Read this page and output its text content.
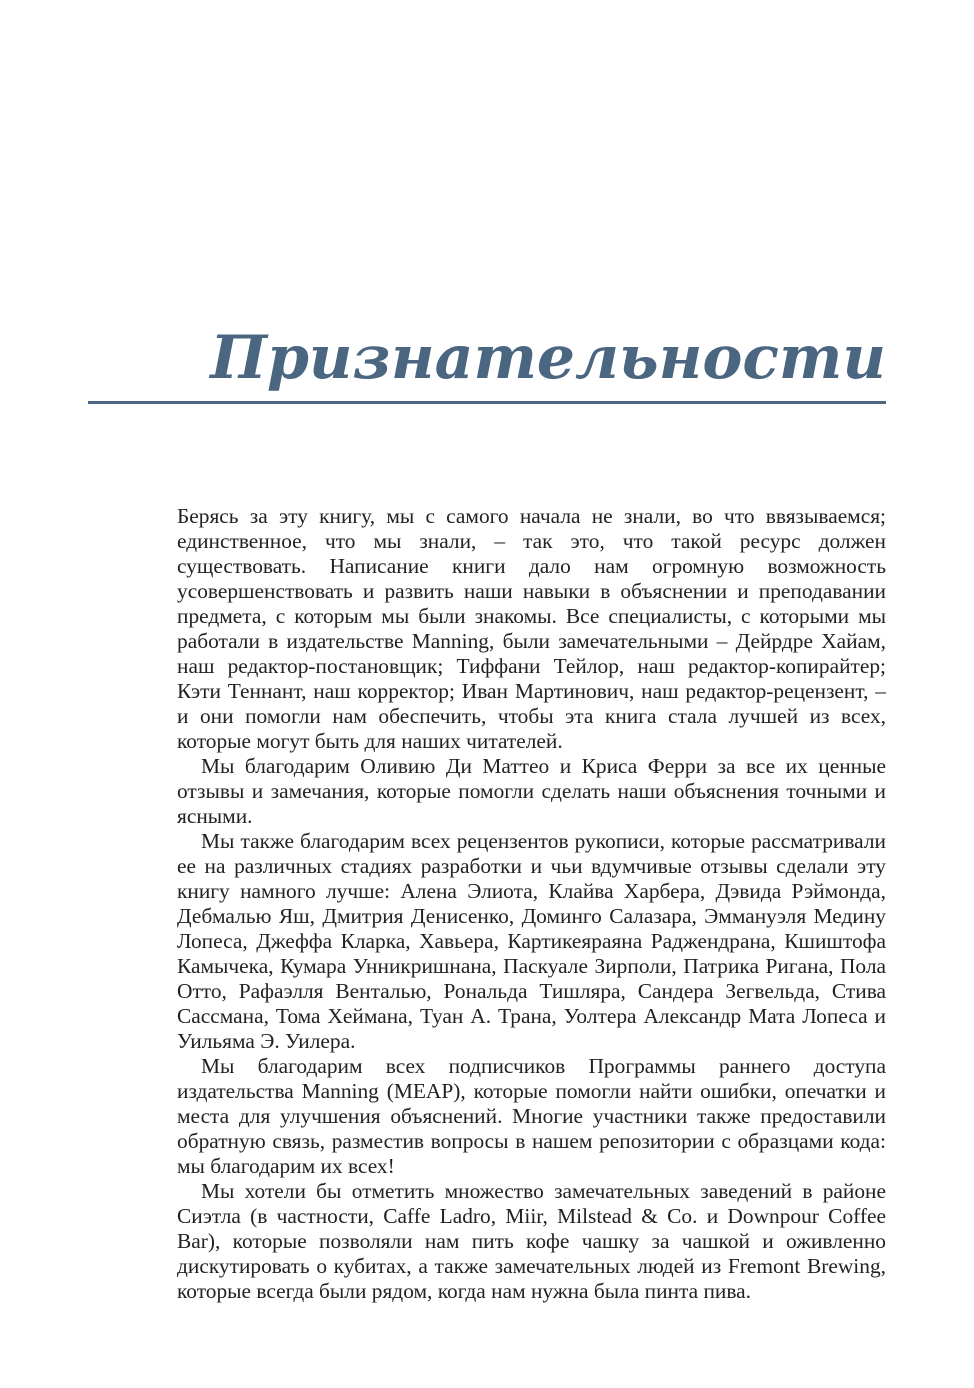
Признательности

Берясь за эту книгу, мы с самого начала не знали, во что ввязываемся; единственное, что мы знали, – так это, что такой ресурс должен существовать. Написание книги дало нам огромную возможность усовершенствовать и развить наши навыки в объяснении и преподавании предмета, с которым мы были знакомы. Все специалисты, с которыми мы работали в издательстве Manning, были замечательными – Дейрдре Хайам, наш редактор-постановщик; Тиффани Тейлор, наш редактор-копирайтер; Кэти Теннант, наш корректор; Иван Мартинович, наш редактор-рецензент, – и они помогли нам обеспечить, чтобы эта книга стала лучшей из всех, которые могут быть для наших читателей.

Мы благодарим Оливию Ди Маттео и Криса Ферри за все их ценные отзывы и замечания, которые помогли сделать наши объяснения точными и ясными.

Мы также благодарим всех рецензентов рукописи, которые рассматривали ее на различных стадиях разработки и чьи вдумчивые отзывы сделали эту книгу намного лучше: Алена Элиота, Клайва Харбера, Дэвида Рэймонда, Дебмалью Яш, Дмитрия Денисенко, Доминго Салазара, Эммануэля Медину Лопеса, Джеффа Кларка, Хавьера, Картикеяраяна Раджендрана, Кшиштофа Камычека, Кумара Унникришнана, Паскуале Зирполи, Патрика Ригана, Пола Отто, Рафаэлля Венталью, Рональда Тишляра, Сандера Зегвельда, Стива Сассмана, Тома Хеймана, Туан А. Трана, Уолтера Александр Мата Лопеса и Уильяма Э. Уилера.

Мы благодарим всех подписчиков Программы раннего доступа издательства Manning (MEAP), которые помогли найти ошибки, опечатки и места для улучшения объяснений. Многие участники также предоставили обратную связь, разместив вопросы в нашем репозитории с образцами кода: мы благодарим их всех!

Мы хотели бы отметить множество замечательных заведений в районе Сиэтла (в частности, Caffe Ladro, Miir, Milstead & Co. и Downpour Coffee Bar), которые позволяли нам пить кофе чашку за чашкой и оживленно дискутировать о кубитах, а также замечательных людей из Fremont Brewing, которые всегда были рядом, когда нам нужна была пинта пива.
